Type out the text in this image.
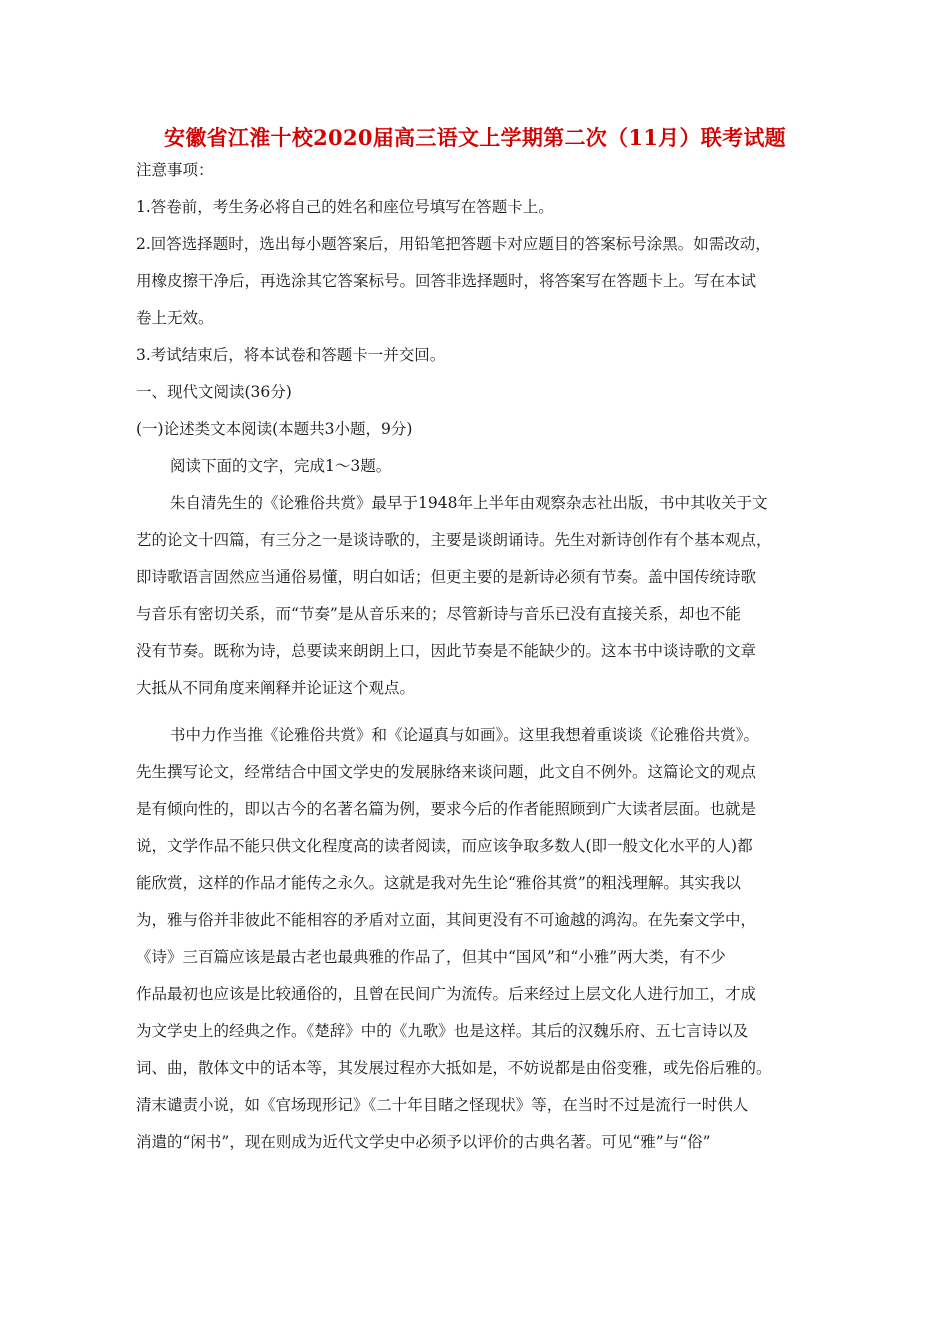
安徽省江淮十校2020届高三语文上学期第二次（11月）联考试题
注意事项：
1.答卷前，考生务必将自己的姓名和座位号填写在答题卡上。
2.回答选择题时，选出每小题答案后，用铅笔把答题卡对应题目的答案标号涂黑。如需改动，
用橡皮擦干净后，再选涂其它答案标号。回答非选择题时，将答案写在答题卡上。写在本试
卷上无效。
3.考试结束后，将本试卷和答题卡一并交回。
一、现代文阅读(36分)
(一)论述类文本阅读(本题共3小题，9分)
阅读下面的文字，完成1～3题。
朱自清先生的《论雅俗共赏》最早于1948年上半年由观察杂志社出版，书中其收关于文
艺的论文十四篇，有三分之一是谈诗歌的，主要是谈朗诵诗。先生对新诗创作有个基本观点，
即诗歌语言固然应当通俗易懂，明白如话；但更主要的是新诗必须有节奏。盖中国传统诗歌
与音乐有密切关系，而“节奏”是从音乐来的；尽管新诗与音乐已没有直接关系，却也不能
没有节奏。既称为诗，总要读来朗朗上口，因此节奏是不能缺少的。这本书中谈诗歌的文章
大抵从不同角度来阐释并论证这个观点。
书中力作当推《论雅俗共赏》和《论逼真与如画》。这里我想着重谈谈《论雅俗共赏》。
先生撰写论文，经常结合中国文学史的发展脉络来谈问题，此文自不例外。这篇论文的观点
是有倾向性的，即以古今的名著名篇为例，要求今后的作者能照顾到广大读者层面。也就是
说，文学作品不能只供文化程度高的读者阅读，而应该争取多数人(即一般文化水平的人)都
能欣赏，这样的作品才能传之永久。这就是我对先生论“雅俗其赏”的粗浅理解。其实我以
为，雅与俗并非彼此不能相容的矛盾对立面，其间更没有不可逾越的鸿沟。在先秦文学中，
《诗》三百篇应该是最古老也最典雅的作品了，但其中“国风”和“小雅”两大类，有不少
作品最初也应该是比较通俗的，且曾在民间广为流传。后来经过上层文化人进行加工，才成
为文学史上的经典之作。《楚辞》中的《九歌》也是这样。其后的汉魏乐府、五七言诗以及
词、曲，散体文中的话本等，其发展过程亦大抵如是，不妨说都是由俗变雅，或先俗后雅的。
清末谴责小说，如《官场现形记》《二十年目睹之怪现状》等，在当时不过是流行一时供人
消遣的“闲书”，现在则成为近代文学史中必须予以评价的古典名著。可见“雅”与“俗”
